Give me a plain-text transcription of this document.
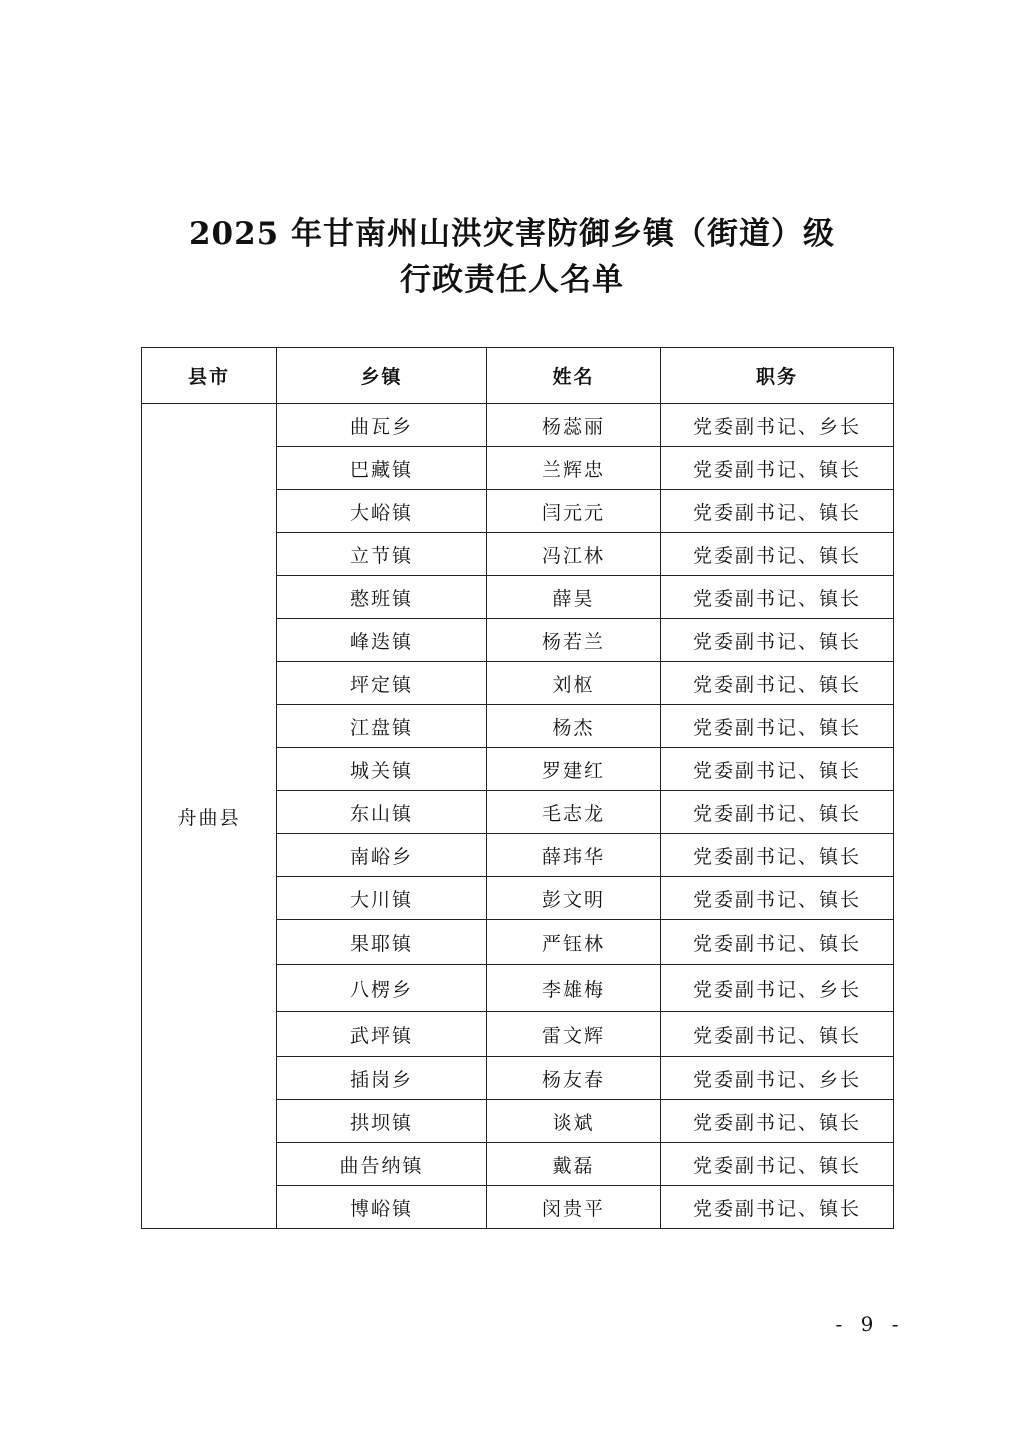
2025 年甘南州山洪灾害防御乡镇（街道）级
行政责任人名单
县市	乡镇	姓名	职务
舟曲县	曲瓦乡	杨蕊丽	党委副书记、乡长
	巴藏镇	兰辉忠	党委副书记、镇长
	大峪镇	闫元元	党委副书记、镇长
	立节镇	冯江林	党委副书记、镇长
	憨班镇	薛昊	党委副书记、镇长
	峰迭镇	杨若兰	党委副书记、镇长
	坪定镇	刘枢	党委副书记、镇长
	江盘镇	杨杰	党委副书记、镇长
	城关镇	罗建红	党委副书记、镇长
	东山镇	毛志龙	党委副书记、镇长
	南峪乡	薛玮华	党委副书记、镇长
	大川镇	彭文明	党委副书记、镇长
	果耶镇	严钰林	党委副书记、镇长
	八楞乡	李雄梅	党委副书记、乡长
	武坪镇	雷文辉	党委副书记、镇长
	插岗乡	杨友春	党委副书记、乡长
	拱坝镇	谈斌	党委副书记、镇长
	曲告纳镇	戴磊	党委副书记、镇长
	博峪镇	闵贵平	党委副书记、镇长
- 9 -
